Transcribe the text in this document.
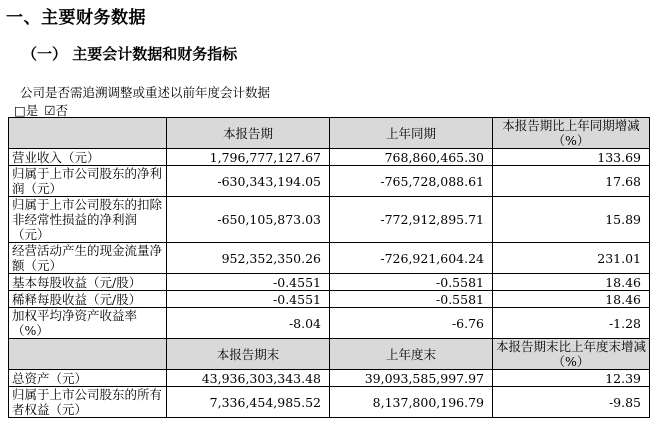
一、主要财务数据
（一） 主要会计数据和财务指标
公司是否需追溯调整或重述以前年度会计数据
□是 ☑否
	本报告期	上年同期	本报告期比上年同期增减（%）
营业收入（元）	1,796,777,127.67	768,860,465.30	133.69
归属于上市公司股东的净利润（元）	-630,343,194.05	-765,728,088.61	17.68
归属于上市公司股东的扣除非经常性损益的净利润（元）	-650,105,873.03	-772,912,895.71	15.89
经营活动产生的现金流量净额（元）	952,352,350.26	-726,921,604.24	231.01
基本每股收益（元/股）	-0.4551	-0.5581	18.46
稀释每股收益（元/股）	-0.4551	-0.5581	18.46
加权平均净资产收益率（%）	-8.04	-6.76	-1.28
	本报告期末	上年度末	本报告期末比上年度末增减（%）
总资产（元）	43,936,303,343.48	39,093,585,997.97	12.39
归属于上市公司股东的所有者权益（元）	7,336,454,985.52	8,137,800,196.79	-9.85
